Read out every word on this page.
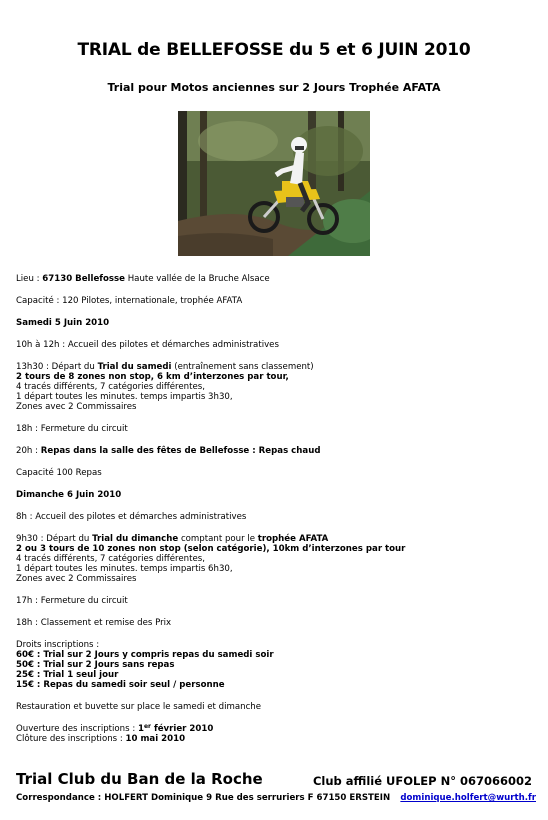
TRIAL de BELLEFOSSE du 5 et 6 JUIN 2010
Trial pour Motos anciennes sur 2 Jours Trophée AFATA

Lieu : 67130 Bellefosse Haute vallée de la Bruche Alsace

Capacité : 120 Pilotes, internationale, trophée AFATA

Samedi 5 Juin 2010

10h à 12h : Accueil des pilotes et démarches administratives

13h30 : Départ du Trial du samedi (entraînement sans classement)
2 tours de 8 zones non stop, 6 km d’interzones par tour,
4 tracés différents, 7 catégories différentes,
1 départ toutes les minutes. temps impartis 3h30,
Zones avec 2 Commissaires

18h : Fermeture du circuit

20h : Repas dans la salle des fêtes de Bellefosse : Repas chaud

Capacité 100 Repas

Dimanche 6 Juin 2010

8h : Accueil des pilotes et démarches administratives

9h30 : Départ du Trial du dimanche comptant pour le trophée AFATA
2 ou 3 tours de 10 zones non stop (selon catégorie), 10km d’interzones par tour
4 tracés différents, 7 catégories différentes,
1 départ toutes les minutes. temps impartis 6h30,
Zones avec 2 Commissaires

17h : Fermeture du circuit

18h : Classement et remise des Prix

Droits inscriptions :
60€ : Trial sur 2 Jours y compris repas du samedi soir
50€ : Trial sur 2 Jours sans repas
25€ : Trial 1 seul jour
15€ : Repas du samedi soir seul / personne

Restauration et buvette sur place le samedi et dimanche

Ouverture des inscriptions : 1er février 2010
Clôture des inscriptions : 10 mai 2010

Trial Club du Ban de la Roche	Club affilié UFOLEP N° 067066002
Correspondance : HOLFERT Dominique 9 Rue des serruriers F 67150 ERSTEIN dominique.holfert@wurth.fr
